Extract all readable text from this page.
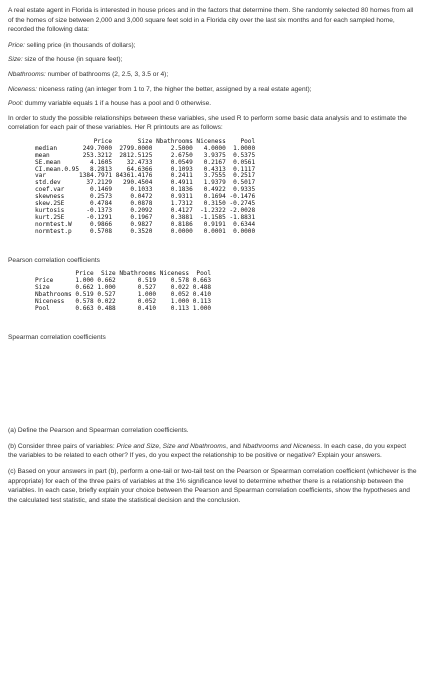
A real estate agent in Florida is interested in house prices and in the factors that determine them. She randomly selected 80 homes from all of the homes of size between 2,000 and 3,000 square feet sold in a Florida city over the last six months and for each sampled home, recorded the following data:

Price: selling price (in thousands of dollars);

Size: size of the house (in square feet);

Nbathrooms: number of bathrooms (2, 2.5, 3, 3.5 or 4);

Niceness: niceness rating (an integer from 1 to 7, the higher the better, assigned by a real estate agent);

Pool: dummy variable equals 1 if a house has a pool and 0 otherwise.

In order to study the possible relationships between these variables, she used R to perform some basic data analysis and to estimate the correlation for each pair of these variables. Her R printouts are as follows:

Price       Size Nbathrooms Niceness    Pool
median       249.7000  2799.0000     2.5000   4.0000  1.0000
mean         253.3212  2812.5125     2.6750   3.9375  0.5375
SE.mean        4.1605    32.4733     0.0549   0.2167  0.0561
CI.mean.0.95   8.2813    64.6366     0.1093   0.4313  0.1117
var         1384.7971 84361.4176     0.2411   3.7555  0.2517
std.dev       37.2129   290.4504     0.4911   1.9379  0.5017
coef.var       0.1469     0.1033     0.1836   0.4922  0.9335
skewness       0.2573     0.0472     0.9311   0.1694 -0.1476
skew.2SE       0.4784     0.0878     1.7312   0.3150 -0.2745
kurtosis      -0.1373     0.2092     0.4127  -1.2322 -2.0028
kurt.2SE      -0.1291     0.1967     0.3881  -1.1585 -1.8831
normtest.W     0.9866     0.9827     0.8186   0.9191  0.6344
normtest.p     0.5708     0.3520     0.0000   0.0001  0.0000

Pearson correlation coefficients

Price  Size Nbathrooms Niceness  Pool
Price      1.000 0.662      0.519    0.578 0.663
Size       0.662 1.000      0.527    0.022 0.488
Nbathrooms 0.519 0.527      1.000    0.052 0.410
Niceness   0.578 0.022      0.052    1.000 0.113
Pool       0.663 0.488      0.410    0.113 1.000

Spearman correlation coefficients

(a) Define the Pearson and Spearman correlation coefficients.

(b) Consider three pairs of variables: Price and Size, Size and Nbathrooms, and Nbathrooms and Niceness. In each case, do you expect the variables to be related to each other? If yes, do you expect the relationship to be positive or negative? Explain your answers.

(c) Based on your answers in part (b), perform a one-tail or two-tail test on the Pearson or Spearman correlation coefficient (whichever is the appropriate) for each of the three pairs of variables at the 1% significance level to determine whether there is a relationship between the variables. In each case, briefly explain your choice between the Pearson and Spearman correlation coefficients, show the hypotheses and the calculated test statistic, and state the statistical decision and the conclusion.
